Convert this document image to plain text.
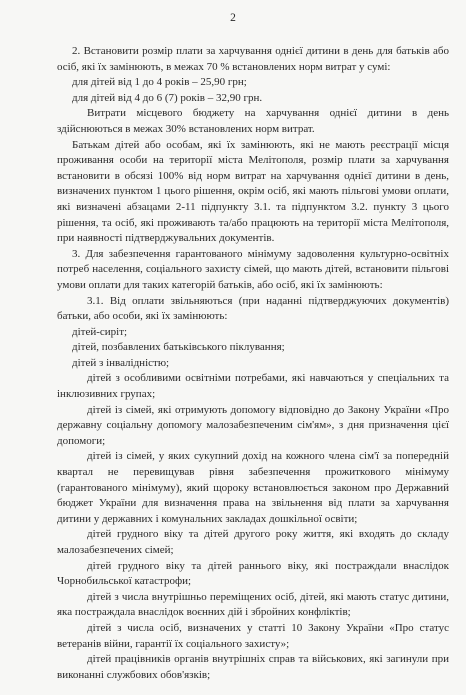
2

2. Встановити розмір плати за харчування однієї дитини в день для батьків або осіб, які їх замінюють, в межах 70 % встановлених норм витрат у сумі:

для дітей від 1 до 4 років – 25,90 грн;

для дітей від 4 до 6 (7) років – 32,90 грн.

Витрати місцевого бюджету на харчування однієї дитини в день здійснюються в межах 30% встановлених норм витрат.

Батькам дітей або особам, які їх замінюють, які не мають реєстрації місця проживання особи на території міста Мелітополя, розмір плати за харчування встановити в обсязі 100% від норм витрат на харчування однієї дитини в день, визначених пунктом 1 цього рішення, окрім осіб, які мають пільгові умови оплати, які визначені абзацами 2-11 підпункту 3.1. та підпунктом 3.2. пункту 3 цього рішення, та осіб, які проживають та/або працюють на території міста Мелітополя, при наявності підтверджувальних документів.

3. Для забезпечення гарантованого мінімуму задоволення культурно-освітніх потреб населення, соціального захисту сімей, що мають дітей, встановити пільгові умови оплати для таких категорій батьків, або осіб, які їх замінюють:

3.1. Від оплати звільняються (при наданні підтверджуючих документів) батьки, або особи, які їх замінюють:

дітей-сиріт;

дітей, позбавлених батьківського піклування;

дітей з інвалідністю;

дітей з особливими освітніми потребами, які навчаються у спеціальних та інклюзивних групах;

дітей із сімей, які отримують допомогу відповідно до Закону України «Про державну соціальну допомогу малозабезпеченим сім'ям», з дня призначення цієї допомоги;

дітей із сімей, у яких сукупний дохід на кожного члена сім'ї за попередній квартал не перевищував рівня забезпечення прожиткового мінімуму (гарантованого мінімуму), який щороку встановлюється законом про Державний бюджет України для визначення права на звільнення від плати за харчування дитини у державних і комунальних закладах дошкільної освіти;

дітей грудного віку та дітей другого року життя, які входять до складу малозабезпечених сімей;

дітей грудного віку та дітей раннього віку, які постраждали внаслідок Чорнобильської катастрофи;

дітей з числа внутрішньо переміщених осіб, дітей, які мають статус дитини, яка постраждала внаслідок воєнних дій і збройних конфліктів;

дітей з числа осіб, визначених у статті 10 Закону України «Про статус ветеранів війни, гарантії їх соціального захисту»;

дітей працівників органів внутрішніх справ та військових, які загинули при виконанні службових обов'язків;
